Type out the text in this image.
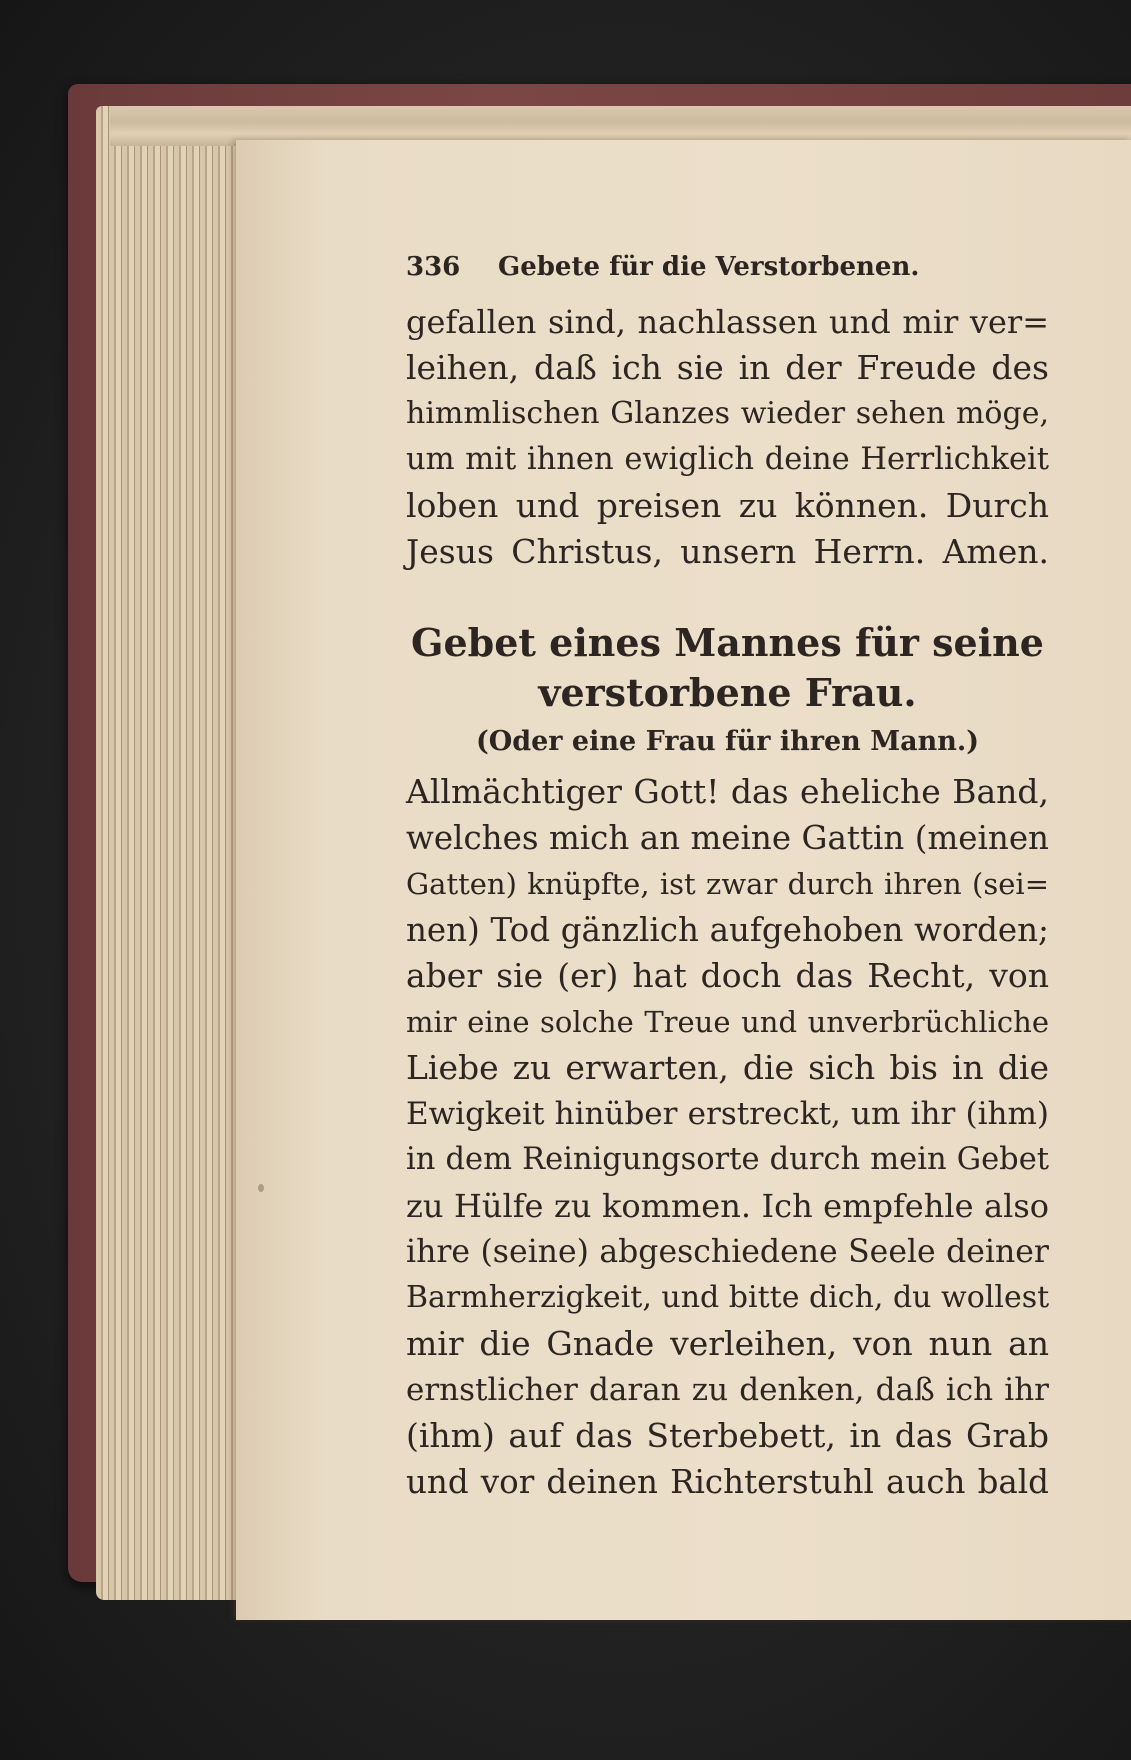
336 Gebete für die Verstorbenen.
gefallen sind, nachlassen und mir ver=
leihen, daß ich sie in der Freude des
himmlischen Glanzes wieder sehen möge,
um mit ihnen ewiglich deine Herrlichkeit
loben und preisen zu können. Durch
Jesus Christus, unsern Herrn. Amen.
Gebet eines Mannes für seine
verstorbene Frau.
(Oder eine Frau für ihren Mann.)
Allmächtiger Gott! das eheliche Band,
welches mich an meine Gattin (meinen
Gatten) knüpfte, ist zwar durch ihren (sei=
nen) Tod gänzlich aufgehoben worden;
aber sie (er) hat doch das Recht, von
mir eine solche Treue und unverbrüchliche
Liebe zu erwarten, die sich bis in die
Ewigkeit hinüber erstreckt, um ihr (ihm)
in dem Reinigungsorte durch mein Gebet
zu Hülfe zu kommen. Ich empfehle also
ihre (seine) abgeschiedene Seele deiner
Barmherzigkeit, und bitte dich, du wollest
mir die Gnade verleihen, von nun an
ernstlicher daran zu denken, daß ich ihr
(ihm) auf das Sterbebett, in das Grab
und vor deinen Richterstuhl auch bald
